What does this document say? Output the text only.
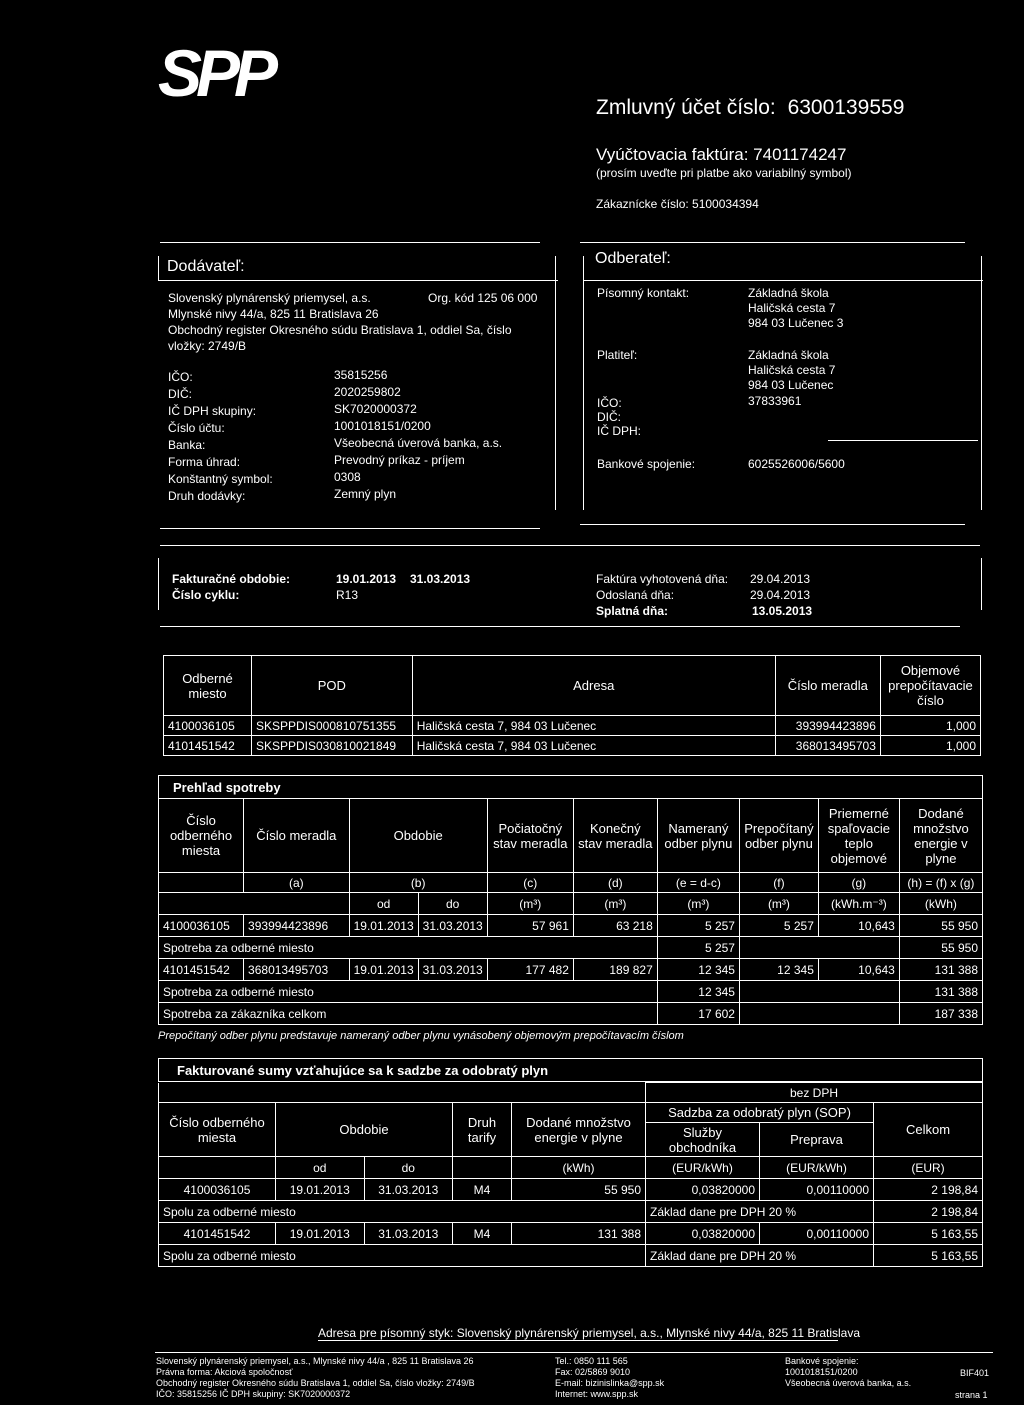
SPP	Zmluvný účet číslo: 6300139559
Vyúčtovacia faktúra: 7401174247
(prosím uveďte pri platbe ako variabilný symbol)
Zákaznícke číslo: 5100034394
Dodávateľ:
Slovenský plynárenský priemysel, a.s.	Org. kód 125 06 000
Mlynské nivy 44/a, 825 11 Bratislava 26
Obchodný register Okresného súdu Bratislava 1, oddiel Sa, číslo
vložky: 2749/B
IČO:	35815256
DIČ:	2020259802
IČ DPH skupiny:	SK7020000372
Číslo účtu:	1001018151/0200
Banka:	Všeobecná úverová banka, a.s.
Forma úhrad:	Prevodný príkaz - príjem
Konštantný symbol:	0308
Druh dodávky:	Zemný plyn
Odberateľ:
Písomný kontakt:	Základná škola
Haličská cesta 7
984 03 Lučenec 3
Platiteľ:	Základná škola
Haličská cesta 7
984 03 Lučenec
IČO:	37833961
DIČ:
IČ DPH:
Bankové spojenie:	6025526006/5600
Fakturačné obdobie:	19.01.2013 31.03.2013
Číslo cyklu:	R13
Faktúra vyhotovená dňa: 29.04.2013
Odoslaná dňa:	29.04.2013
Splatná dňa:	13.05.2013
Odberné miesto	POD	Adresa	Číslo meradla	Objemové prepočítavacie číslo
4100036105	SKSPPDIS000810751355	Haličská cesta 7, 984 03 Lučenec	393994423896	1,000
4101451542	SKSPPDIS030810021849	Haličská cesta 7, 984 03 Lučenec	368013495703	1,000
Prehľad spotreby
Číslo odberného miesta	Číslo meradla	Obdobie		Počiatočný stav meradla	Konečný stav meradla	Nameraný odber plynu	Prepočítaný odber plynu	Priemerné spaľovacie teplo objemové	Dodané množstvo energie v plyne
	(a)	(b)		(c)	(d)	(e = d-c)	(f)	(g)	(h) = (f) x (g)
		od	do	(m³)	(m³)	(m³)	(m³)	(kWh.m⁻³)	(kWh)
4100036105	393994423896	19.01.2013	31.03.2013	57 961	63 218	5 257	5 257	10,643	55 950
Spotreba za odberné miesto						5 257			55 950
4101451542	368013495703	19.01.2013	31.03.2013	177 482	189 827	12 345	12 345	10,643	131 388
Spotreba za odberné miesto						12 345			131 388
Spotreba za zákazníka celkom						17 602			187 338
Prepočítaný odber plynu predstavuje nameraný odber plynu vynásobený objemovým prepočítavacím číslom
Fakturované sumy vzťahujúce sa k sadzbe za odobratý plyn
					bez DPH		
Číslo odberného miesta	Obdobie		Druh tarify	Dodané množstvo energie v plyne	Sadzba za odobratý plyn (SOP)		Celkom
					Služby obchodníka	Preprava	
	od	do		(kWh)	(EUR/kWh)	(EUR/kWh)	(EUR)
4100036105	19.01.2013	31.03.2013	M4	55 950	0,03820000	0,00110000	2 198,84
Spolu za odberné miesto					Základ dane pre DPH 20 %		2 198,84
4101451542	19.01.2013	31.03.2013	M4	131 388	0,03820000	0,00110000	5 163,55
Spolu za odberné miesto					Základ dane pre DPH 20 %		5 163,55
Adresa pre písomný styk: Slovenský plynárenský priemysel, a.s., Mlynské nivy 44/a, 825 11 Bratislava
Slovenský plynárenský priemysel, a.s., Mlynské nivy 44/a , 825 11 Bratislava 26
Právna forma: Akciová spoločnosť
Obchodný register Okresného súdu Bratislava 1, oddiel Sa, číslo vložky: 2749/B
IČO: 35815256 IČ DPH skupiny: SK7020000372
Tel.: 0850 111 565
Fax: 02/5869 9010
E-mail: bizinislinka@spp.sk
Internet: www.spp.sk
Bankové spojenie:
1001018151/0200
Všeobecná úverová banka, a.s.
BIF401
strana 1
